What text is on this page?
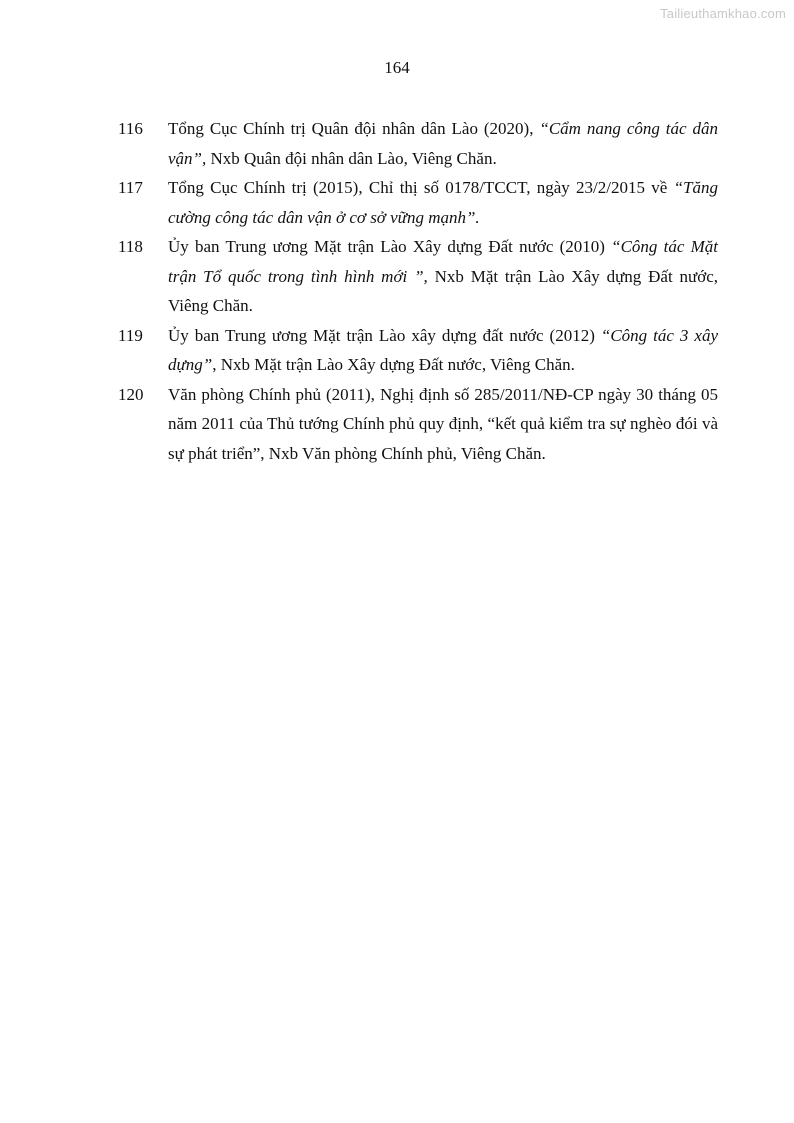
Tailieuthamkhao.com
164
116	Tổng Cục Chính trị Quân đội nhân dân Lào (2020), “Cẩm nang công tác dân vận”, Nxb Quân đội nhân dân Lào, Viêng Chăn.
117	Tổng Cục Chính trị (2015), Chỉ thị số 0178/TCCT, ngày 23/2/2015 về “Tăng cường công tác dân vận ở cơ sở vững mạnh”.
118	Ủy ban Trung ương Mặt trận Lào Xây dựng Đất nước (2010) “Công tác Mặt trận Tổ quốc trong tình hình mới ”, Nxb Mặt trận Lào Xây dựng Đất nước, Viêng Chăn.
119	Ủy ban Trung ương Mặt trận Lào xây dựng đất nước (2012) “Công tác 3 xây dựng”, Nxb Mặt trận Lào Xây dựng Đất nước, Viêng Chăn.
120	Văn phòng Chính phủ (2011), Nghị định số 285/2011/NĐ-CP ngày 30 tháng 05 năm 2011 của Thủ tướng Chính phủ quy định, “kết quả kiểm tra sự nghèo đói và sự phát triển”, Nxb Văn phòng Chính phủ, Viêng Chăn.
